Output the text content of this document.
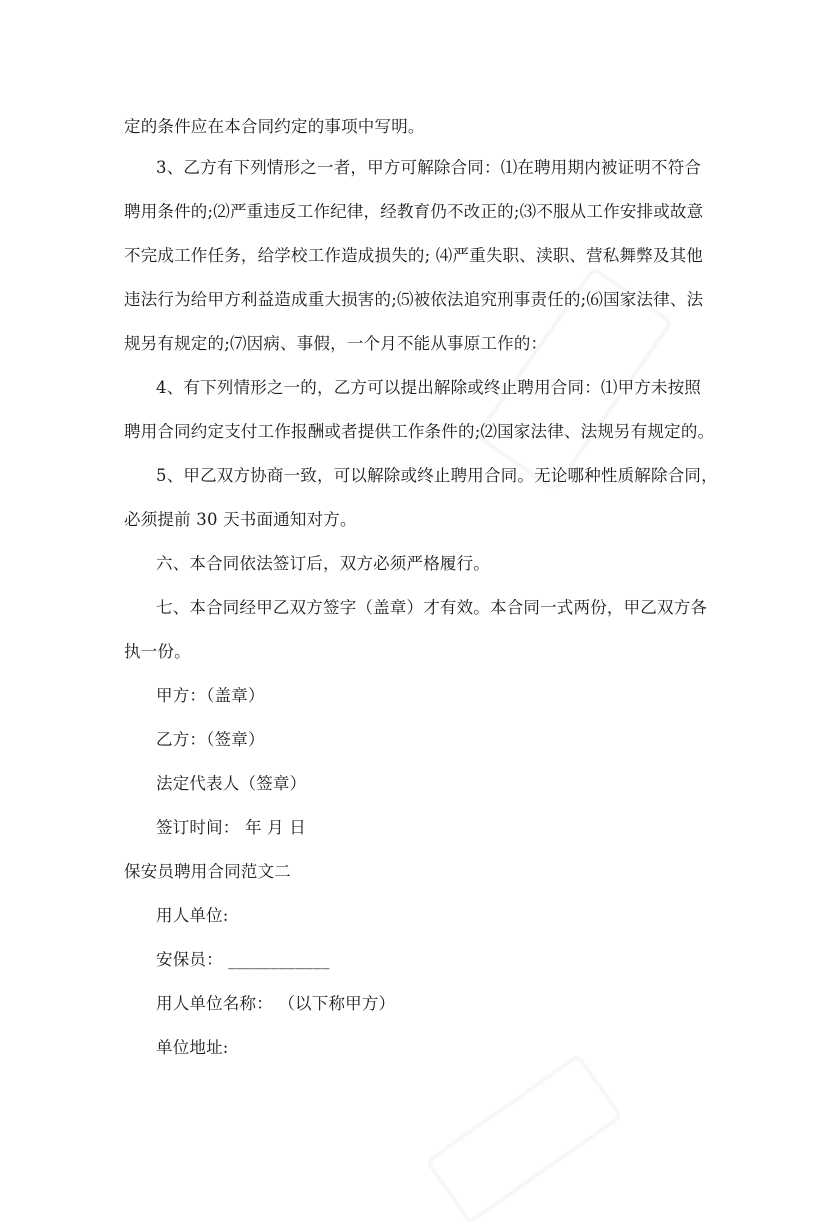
定的条件应在本合同约定的事项中写明。
3、乙方有下列情形之一者，甲方可解除合同：⑴在聘用期内被证明不符合
聘用条件的;⑵严重违反工作纪律，经教育仍不改正的;⑶不服从工作安排或故意
不完成工作任务，给学校工作造成损失的; ⑷严重失职、渎职、营私舞弊及其他
违法行为给甲方利益造成重大损害的;⑸被依法追究刑事责任的;⑹国家法律、法
规另有规定的;⑺因病、事假，一个月不能从事原工作的：
4、有下列情形之一的，乙方可以提出解除或终止聘用合同：⑴甲方未按照
聘用合同约定支付工作报酬或者提供工作条件的;⑵国家法律、法规另有规定的。
5、甲乙双方协商一致，可以解除或终止聘用合同。无论哪种性质解除合同，
必须提前 30 天书面通知对方。
六、本合同依法签订后，双方必须严格履行。
七、本合同经甲乙双方签字（盖章）才有效。本合同一式两份，甲乙双方各
执一份。
甲方：（盖章）
乙方：（签章）
法定代表人（签章）
签订时间： 年 月 日
保安员聘用合同范文二
用人单位:
安保员： ____________
用人单位名称： （以下称甲方）
单位地址:
